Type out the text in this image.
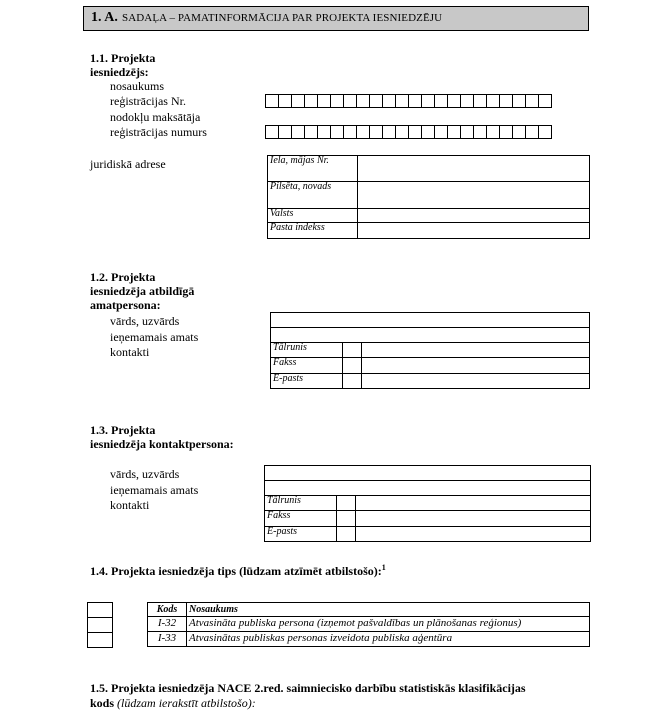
1. A. SADAĻA – PAMATINFORMĀCIJA PAR PROJEKTA IESNIEDZĒJU
1.1. Projekta
iesniedzējs:
nosaukums
reģistrācijas Nr.
nodokļu maksātāja
reģistrācijas numurs

juridiskā adrese	Iela, mājas Nr.	
Pilsēta, novads	
Valsts	
Pasta indekss	
1.2. Projekta
iesniedzēja atbildīgā
amatpersona:
vārds, uzvārds
ieņemamais amats
kontakti	Tālrunis		
Fakss		
E-pasts		
1.3. Projekta
iesniedzēja kontaktpersona:
vārds, uzvārds
ieņemamais amats
kontakti	Tālrunis		
Fakss		
E-pasts		
1.4. Projekta iesniedzēja tips (lūdzam atzīmēt atbilstošo):$^1$
Kods	Nosaukums
I-32	Atvasināta publiska persona (izņemot pašvaldības un plānošanas reģionus)
I-33	Atvasinātas publiskas personas izveidota publiska aģentūra
1.5. Projekta iesniedzēja NACE 2.red. saimniecisko darbību statistiskās klasifikācijas
kods (lūdzam ierakstīt atbilstošo):
